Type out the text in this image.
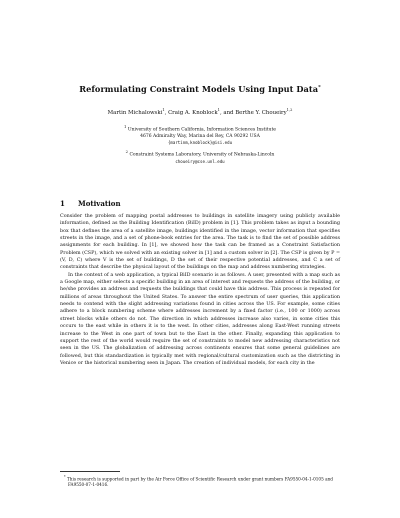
Reformulating Constraint Models Using Input Data*
Martin Michalowski$^1$, Craig A. Knoblock$^1$, and Berthe Y. Choueiry$^{1,2}$
$^1$ University of Southern California, Information Sciences Institute
4676 Admiralty Way, Marina del Rey, CA 90292 USA
{martinm,knoblock}@isi.edu
$^2$ Constraint Systems Laboratory, University of Nebraska-Lincoln
choueiry@cse.unl.edu
1 Motivation

Consider the problem of mapping postal addresses to buildings in satellite imagery using publicly available information, defined as the Building Identification (BiID) problem in [1]. This problem takes as input a bounding box that defines the area of a satellite image, buildings identified in the image, vector information that specifies streets in the image, and a set of phone-book entries for the area. The task is to find the set of possible address assignments for each building. In [1], we showed how the task can be framed as a Constraint Satisfaction Problem (CSP), which we solved with an existing solver in [1] and a custom solver in [2]. The CSP is given by P = (V, D, C) where V is the set of buildings, D the set of their respective potential addresses, and C a set of constraints that describe the physical layout of the buildings on the map and address numbering strategies.

In the context of a web application, a typical BiID scenario is as follows. A user, presented with a map such as a Google map, either selects a specific building in an area of interest and requests the address of the building, or he/she provides an address and requests the buildings that could have this address. This process is repeated for millions of areas throughout the United States. To answer the entire spectrum of user queries, this application needs to contend with the slight addressing variations found in cities across the US. For example, some cities adhere to a block numbering scheme where addresses increment by a fixed factor (i.e., 100 or 1000) across street blocks while others do not. The direction in which addresses increase also varies, in some cities this occurs to the east while in others it is to the west. In other cities, addresses along East-West running streets increase to the West in one part of town but to the East in the other. Finally, expanding this application to support the rest of the world would require the set of constraints to model new addressing characteristics not seen in the US. The globalization of addressing across continents ensures that some general guidelines are followed, but this standardization is typically met with regional/cultural customization such as the districting in Venice or the historical numbering seen in Japan. The creation of individual models, for each city in the

* This research is supported in part by the Air Force Office of Scientific Research under grant numbers FA9550-04-1-0105 and FA9550-07-1-0416.
